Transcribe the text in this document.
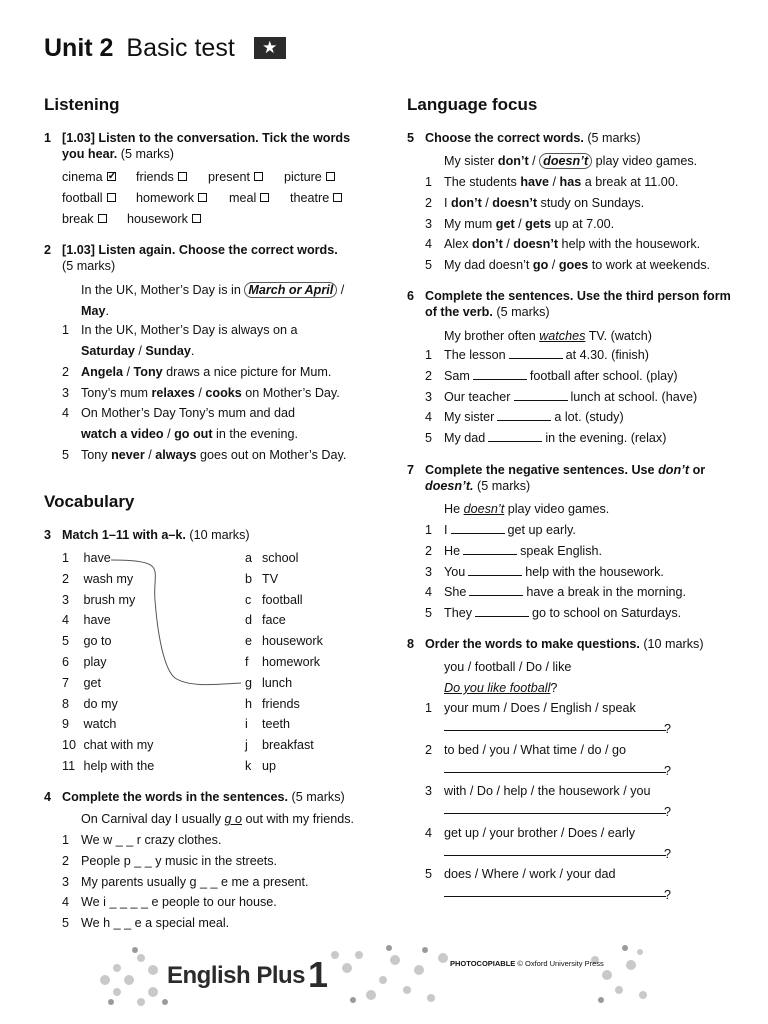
Unit 2 Basic test ★
Listening
1 [1.03] Listen to the conversation. Tick the words you hear. (5 marks)
2 [1.03] Listen again. Choose the correct words.
(5 marks)
In the UK, Mother’s Day is in March or April /
May.
Vocabulary
3 Match 1–11 with a–k. (10 marks)
4 Complete the words in the sentences. (5 marks)
On Carnival day I usually g o out with my friends.
Language focus
5 Choose the correct words. (5 marks)
My sister don’t / doesn’t play video games.
6 Complete the sentences. Use the third person form of the verb. (5 marks)
My brother often watches TV. (watch)
7 Complete the negative sentences. Use don’t or
doesn’t. (5 marks)
He doesn’t play video games.
8 Order the words to make questions. (10 marks)
you / football / Do / like
Do you like football?
English Plus1	PHOTOCOPIABLE © Oxford University Press
cinema✓	friends	present	picture
football	homework	meal	theatre
break	housework
1 In the UK, Mother’s Day is always on a
Saturday / Sunday.
2 Angela / Tony draws a nice picture for Mum.
3 Tony’s mum relaxes / cooks on Mother’s Day.
4 On Mother’s Day Tony’s mum and dad
watch a video / go out in the evening.
5 Tony never / always goes out on Mother’s Day.
1 have
2 wash my
3 brush my
4 have
5 go to
6 play
7 get
8 do my
9 watch
10 chat with my
11 help with the
a school
b TV
c football
d face
e housework
f homework
g lunch
h friends
i teeth
j breakfast
k up
1 We w _ _ r crazy clothes.
2 People p _ _ y music in the streets.
3 My parents usually g _ _ e me a present.
4 We i _ _ _ _ e people to our house.
5 We h _ _ e a special meal.
1 The students have / has a break at 11.00.
2 I don’t / doesn’t study on Sundays.
3 My mum get / gets up at 7.00.
4 Alex don’t / doesn’t help with the housework.
5 My dad doesn’t go / goes to work at weekends.
1 The lesson	at 4.30. (finish)
2 Sam	football after school. (play)
3 Our teacher	lunch at school. (have)
4 My sister	a lot. (study)
5 My dad	in the evening. (relax)
1 I	get up early.
2 He	speak English.
3 You	help with the housework.
4 She	have a break in the morning.
5 They	go to school on Saturdays.
1 your mum / Does / English / speak
?
2 to bed / you / What time / do / go
?
3 with / Do / help / the housework / you
?
4 get up / your brother / Does / early
?
5 does / Where / work / your dad
?
